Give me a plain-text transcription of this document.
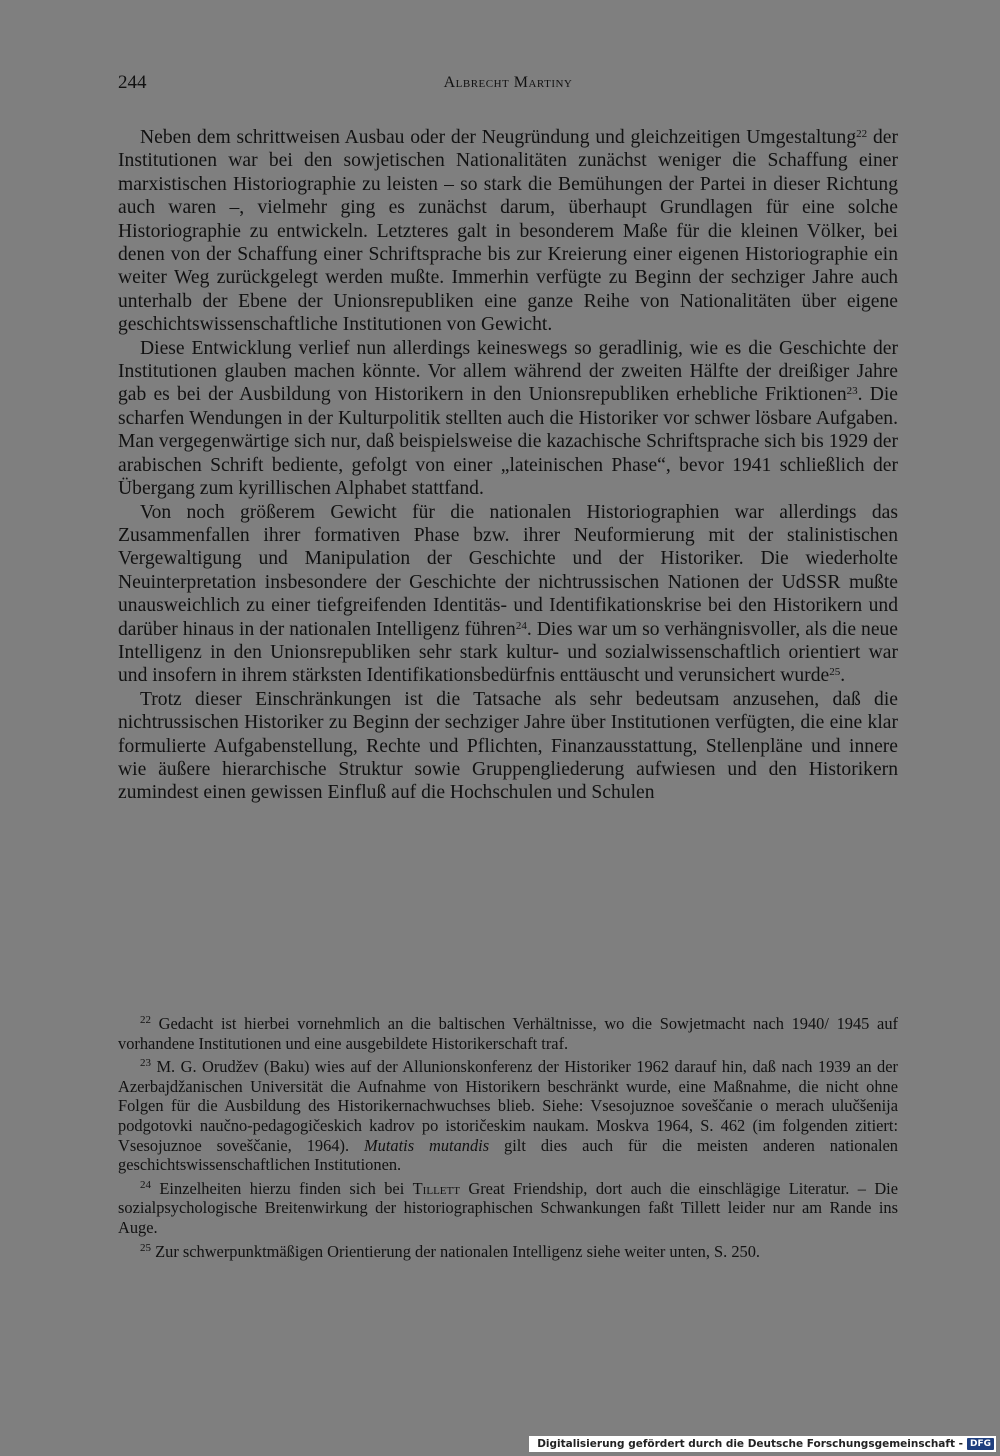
244	Albrecht Martiny

Neben dem schrittweisen Ausbau oder der Neugründung und gleichzeitigen Umgestaltung$^{22}$ der Institutionen war bei den sowjetischen Nationalitäten zunächst weniger die Schaffung einer marxistischen Historiographie zu leisten – so stark die Bemühungen der Partei in dieser Richtung auch waren –, vielmehr ging es zunächst darum, überhaupt Grundlagen für eine solche Historiographie zu entwickeln. Letzteres galt in besonderem Maße für die kleinen Völker, bei denen von der Schaffung einer Schriftsprache bis zur Kreierung einer eigenen Historiographie ein weiter Weg zurückgelegt werden mußte. Immerhin verfügte zu Beginn der sechziger Jahre auch unterhalb der Ebene der Unionsrepubliken eine ganze Reihe von Nationalitäten über eigene geschichtswissenschaftliche Institutionen von Gewicht.

Diese Entwicklung verlief nun allerdings keineswegs so geradlinig, wie es die Geschichte der Institutionen glauben machen könnte. Vor allem während der zweiten Hälfte der dreißiger Jahre gab es bei der Ausbildung von Historikern in den Unionsrepubliken erhebliche Friktionen$^{23}$. Die scharfen Wendungen in der Kulturpolitik stellten auch die Historiker vor schwer lösbare Aufgaben. Man vergegenwärtige sich nur, daß beispielsweise die kazachische Schriftsprache sich bis 1929 der arabischen Schrift bediente, gefolgt von einer „lateinischen Phase“, bevor 1941 schließlich der Übergang zum kyrillischen Alphabet stattfand.

Von noch größerem Gewicht für die nationalen Historiographien war allerdings das Zusammenfallen ihrer formativen Phase bzw. ihrer Neuformierung mit der stalinistischen Vergewaltigung und Manipulation der Geschichte und der Historiker. Die wiederholte Neuinterpretation insbesondere der Geschichte der nichtrussischen Nationen der UdSSR mußte unausweichlich zu einer tiefgreifenden Identitäs- und Identifikationskrise bei den Historikern und darüber hinaus in der nationalen Intelligenz führen$^{24}$. Dies war um so verhängnisvoller, als die neue Intelligenz in den Unionsrepubliken sehr stark kultur- und sozialwissenschaftlich orientiert war und insofern in ihrem stärksten Identifikationsbedürfnis enttäuscht und verunsichert wurde$^{25}$.

Trotz dieser Einschränkungen ist die Tatsache als sehr bedeutsam anzusehen, daß die nichtrussischen Historiker zu Beginn der sechziger Jahre über Institutionen verfügten, die eine klar formulierte Aufgabenstellung, Rechte und Pflichten, Finanzausstattung, Stellenpläne und innere wie äußere hierarchische Struktur sowie Gruppengliederung aufwiesen und den Historikern zumindest einen gewissen Einfluß auf die Hochschulen und Schulen

$^{22}$ Gedacht ist hierbei vornehmlich an die baltischen Verhältnisse, wo die Sowjetmacht nach 1940/ 1945 auf vorhandene Institutionen und eine ausgebildete Historikerschaft traf.

$^{23}$ M. G. Orudžev (Baku) wies auf der Allunionskonferenz der Historiker 1962 darauf hin, daß nach 1939 an der Azerbajdžanischen Universität die Aufnahme von Historikern beschränkt wurde, eine Maßnahme, die nicht ohne Folgen für die Ausbildung des Historikernachwuchses blieb. Siehe: Vsesojuznoe soveščanie o merach ulučšenija podgotovki naučno-pedagogičeskich kadrov po istoričeskim naukam. Moskva 1964, S. 462 (im folgenden zitiert: Vsesojuznoe soveščanie, 1964). Mutatis mutandis gilt dies auch für die meisten anderen nationalen geschichtswissenschaftlichen Institutionen.

$^{24}$ Einzelheiten hierzu finden sich bei Tillett Great Friendship, dort auch die einschlägige Literatur. – Die sozialpsychologische Breitenwirkung der historiographischen Schwankungen faßt Tillett leider nur am Rande ins Auge.

$^{25}$ Zur schwerpunktmäßigen Orientierung der nationalen Intelligenz siehe weiter unten, S. 250.

Digitalisierung gefördert durch die Deutsche Forschungsgemeinschaft - DFG
